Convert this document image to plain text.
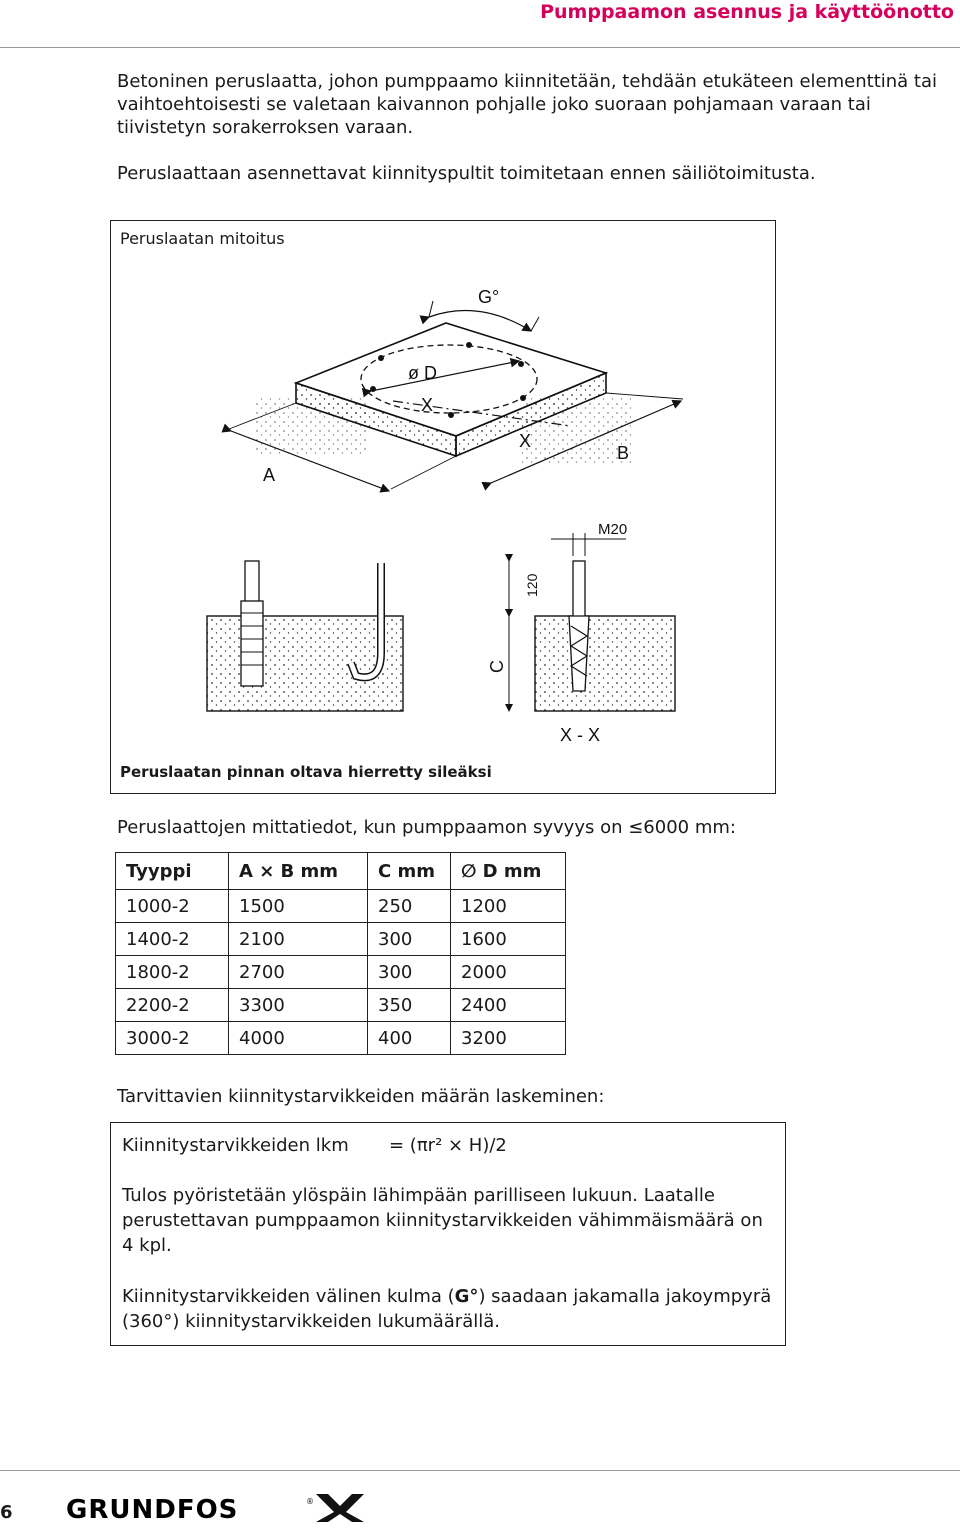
Pumppaamon asennus ja käyttöönotto

Betoninen peruslaatta, johon pumppaamo kiinnitetään, tehdään etukäteen elementtinä tai vaihtoehtoisesti se valetaan kaivannon pohjalle joko suoraan pohjamaan varaan tai tiivistetyn sorakerroksen varaan.

Peruslaattaan asennettavat kiinnityspultit toimitetaan ennen säiliötoimitusta.

Peruslaatan mitoitus
ø D
X
X
G°
A
B
M20
120
C
X - X
Peruslaatan pinnan oltava hierretty sileäksi
Peruslaattojen mittatiedot, kun pumppaamon syvyys on ≤6000 mm:
Tyyppi	A × B mm	C mm	∅ D mm
1000-2	1500	250	1200
1400-2	2100	300	1600
1800-2	2700	300	2000
2200-2	3300	350	2400
3000-2	4000	400	3200
Tarvittavien kiinnitystarvikkeiden määrän laskeminen:
Kiinnitystarvikkeiden lkm = (πr² × H)/2
Tulos pyöristetään ylöspäin lähimpään parilliseen lukuun. Laatalle perustettavan pumppaamon kiinnitystarvikkeiden vähimmäismäärä on 4 kpl.
Kiinnitystarvikkeiden välinen kulma (G°) saadaan jakamalla jakoympyrä (360°) kiinnitystarvikkeiden lukumäärällä.
6 GRUNDFOS	®
